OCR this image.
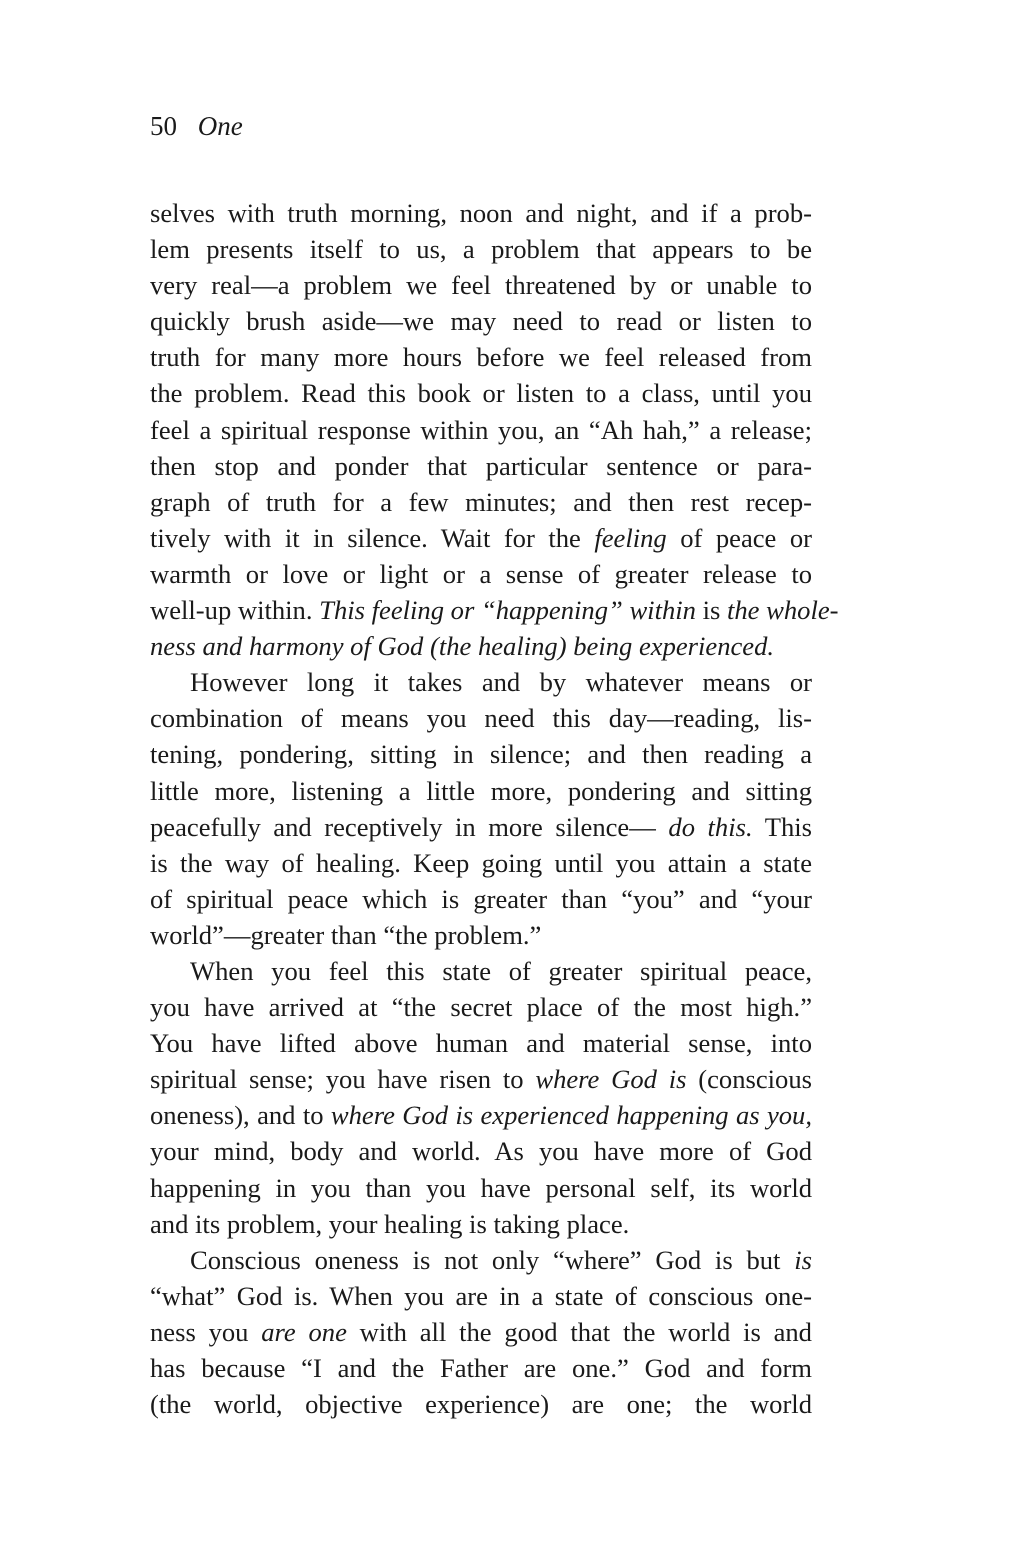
50 One
selves with truth morning, noon and night, and if a prob-
lem presents itself to us, a problem that appears to be
very real—a problem we feel threatened by or unable to
quickly brush aside—we may need to read or listen to
truth for many more hours before we feel released from
the problem. Read this book or listen to a class, until you
feel a spiritual response within you, an “Ah hah,” a release;
then stop and ponder that particular sentence or para-
graph of truth for a few minutes; and then rest recep-
tively with it in silence. Wait for the feeling of peace or
warmth or love or light or a sense of greater release to
well-up within. This feeling or “happening” within is the whole-
ness and harmony of God (the healing) being experienced.
However long it takes and by whatever means or
combination of means you need this day—reading, lis-
tening, pondering, sitting in silence; and then reading a
little more, listening a little more, pondering and sitting
peacefully and receptively in more silence— do this. This
is the way of healing. Keep going until you attain a state
of spiritual peace which is greater than “you” and “your
world”—greater than “the problem.”
When you feel this state of greater spiritual peace,
you have arrived at “the secret place of the most high.”
You have lifted above human and material sense, into
spiritual sense; you have risen to where God is (conscious
oneness), and to where God is experienced happening as you,
your mind, body and world. As you have more of God
happening in you than you have personal self, its world
and its problem, your healing is taking place.
Conscious oneness is not only “where” God is but is
“what” God is. When you are in a state of conscious one-
ness you are one with all the good that the world is and
has because “I and the Father are one.” God and form
(the world, objective experience) are one; the world
